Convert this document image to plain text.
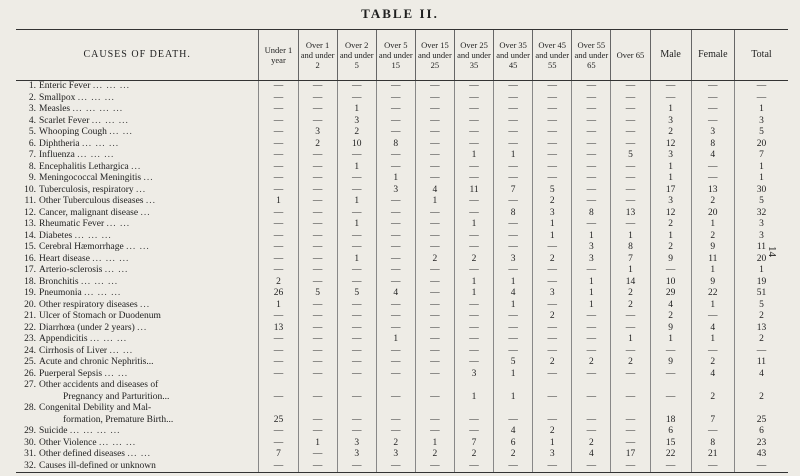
TABLE II.
14
CAUSES OF DEATH.	Under 1 year	Over 1 and under 2	Over 2 and under 5	Over 5 and under 15	Over 15 and under 25	Over 25 and under 35	Over 35 and under 45	Over 45 and under 55	Over 55 and under 65	Over 65	Male	Female	Total
1. Enteric Fever ... ... ...	—	—	—	—	—	—	—	—	—	—	—	—	—
2. Smallpox ... ... ...	—	—	—	—	—	—	—	—	—	—	—	—	—
3. Measles ... ... ... ...	—	—	1	—	—	—	—	—	—	—	1	—	1
4. Scarlet Fever ... ... ...	—	—	3	—	—	—	—	—	—	—	3	—	3
5. Whooping Cough ... ...	—	3	2	—	—	—	—	—	—	—	2	3	5
6. Diphtheria ... ... ...	—	2	10	8	—	—	—	—	—	—	12	8	20
7. Influenza ... ... ...	—	—	—	—	—	1	1	—	—	5	3	4	7
8. Encephalitis Lethargica ...	—	—	1	—	—	—	—	—	—	—	1	—	1
9. Meningococcal Meningitis ...	—	—	—	1	—	—	—	—	—	—	1	—	1
10. Tuberculosis, respiratory ...	—	—	—	3	4	11	7	5	—	—	17	13	30
11. Other Tuberculous diseases ...	1	—	1	—	1	—	—	2	—	—	3	2	5
12. Cancer, malignant disease ...	—	—	—	—	—	—	8	3	8	13	12	20	32
13. Rheumatic Fever ... ...	—	—	1	—	—	1	—	1	—	—	2	1	3
14. Diabetes ... ... ...	—	—	—	—	—	—	—	1	1	1	1	2	3
15. Cerebral Hæmorrhage ... ...	—	—	—	—	—	—	—	—	3	8	2	9	11
16. Heart disease ... ... ...	—	—	1	—	2	2	3	2	3	7	9	11	20
17. Arterio-sclerosis ... ...	—	—	—	—	—	—	—	—	—	1	—	1	1
18. Bronchitis ... ... ...	2	—	—	—	—	1	1	—	1	14	10	9	19
19. Pneumonia ... ... ...	26	5	5	4	—	1	4	3	1	2	29	22	51
20. Other respiratory diseases ...	1	—	—	—	—	—	1	—	1	2	4	1	5
21. Ulcer of Stomach or Duodenum	—	—	—	—	—	—	—	2	—	—	2	—	2
22. Diarrhœa (under 2 years) ...	13	—	—	—	—	—	—	—	—	—	9	4	13
23. Appendicitis ... ... ...	—	—	—	1	—	—	—	—	—	1	1	1	2
24. Cirrhosis of Liver ... ...	—	—	—	—	—	—	—	—	—	—	—	—	—
25. Acute and chronic Nephritis...	—	—	—	—	—	—	5	2	2	2	9	2	11
26. Puerperal Sepsis ... ...	—	—	—	—	—	3	1	—	—	—	—	4	4
27. Other accidents and diseases of													
Pregnancy and Parturition...	—	—	—	—	—	1	1	—	—	—	—	2	2
28. Congenital Debility and Mal-													
formation, Premature Birth...	25	—	—	—	—	—	—	—	—	—	18	7	25
29. Suicide ... ... ... ...	—	—	—	—	—	—	4	2	—	—	6	—	6
30. Other Violence ... ... ...	—	1	3	2	1	7	6	1	2	—	15	8	23
31. Other defined diseases ... ...	7	—	3	3	2	2	2	3	4	17	22	21	43
32. Causes ill-defined or unknown	—	—	—	—	—	—	—	—	—	—	—	—	—
